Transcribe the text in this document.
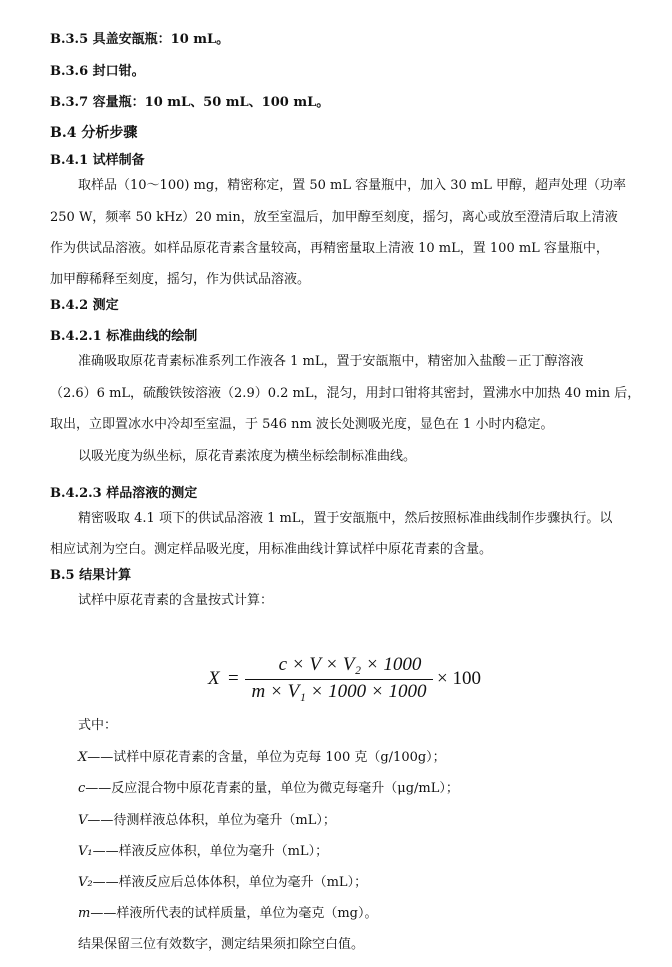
B.3.5 具盖安瓿瓶：10 mL。
B.3.6 封口钳。
B.3.7 容量瓶：10 mL、50 mL、100 mL。
B.4 分析步骤
B.4.1 试样制备
取样品（10～100) mg，精密称定，置 50 mL 容量瓶中，加入 30 mL 甲醇，超声处理（功率
250 W，频率 50 kHz）20 min，放至室温后，加甲醇至刻度，摇匀，离心或放至澄清后取上清液
作为供试品溶液。如样品原花青素含量较高，再精密量取上清液 10 mL，置 100 mL 容量瓶中，
加甲醇稀释至刻度，摇匀，作为供试品溶液。
B.4.2 测定
B.4.2.1 标准曲线的绘制
准确吸取原花青素标准系列工作液各 1 mL，置于安瓿瓶中，精密加入盐酸－正丁醇溶液
（2.6）6 mL，硫酸铁铵溶液（2.9）0.2 mL，混匀，用封口钳将其密封，置沸水中加热 40 min 后，
取出，立即置冰水中冷却至室温，于 546 nm 波长处测吸光度，显色在 1 小时内稳定。
以吸光度为纵坐标，原花青素浓度为横坐标绘制标准曲线。
B.4.2.3 样品溶液的测定
精密吸取 4.1 项下的供试品溶液 1 mL，置于安瓿瓶中，然后按照标准曲线制作步骤执行。以
相应试剂为空白。测定样品吸光度，用标准曲线计算试样中原花青素的含量。
B.5 结果计算
试样中原花青素的含量按式计算：
X =
c × V × V₂ × 1000
m × V₁ × 1000 × 1000
× 100
式中：
X——试样中原花青素的含量，单位为克每 100 克（g/100g）；
c——反应混合物中原花青素的量，单位为微克每毫升（μg/mL）；
V——待测样液总体积，单位为毫升（mL）；
V₁——样液反应体积，单位为毫升（mL）；
V₂——样液反应后总体体积，单位为毫升（mL）；
m——样液所代表的试样质量，单位为毫克（mg）。
结果保留三位有效数字，测定结果须扣除空白值。
